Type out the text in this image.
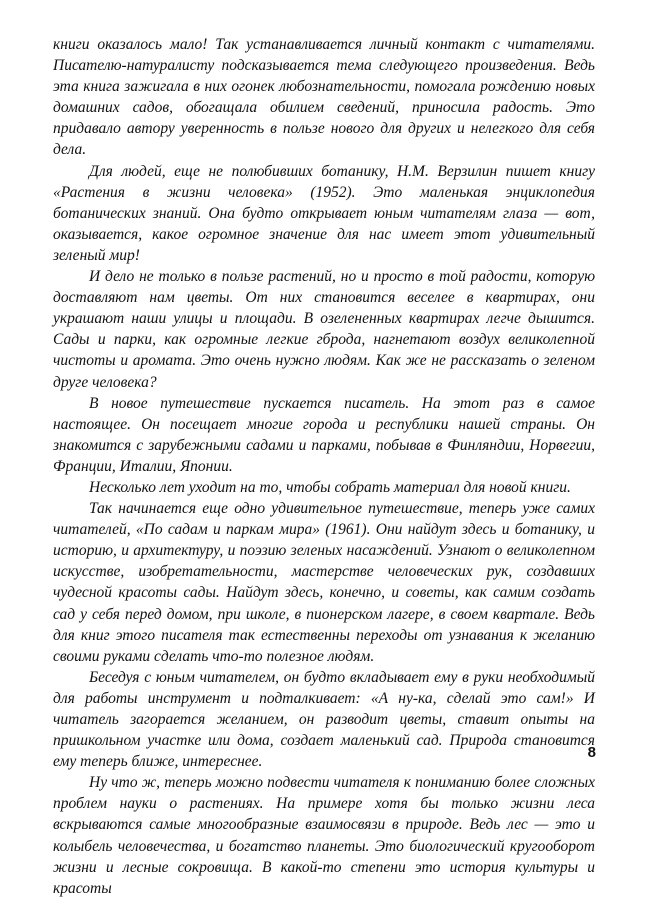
книги оказалось мало! Так устанавливается личный контакт с читателями. Писателю-натуралисту подсказывается тема следующего произведения. Ведь эта книга зажигала в них огонек любознательности, помогала рождению новых домашних садов, обогащала обилием сведений, приносила радость. Это придавало автору уверенность в пользе нового для других и нелегкого для себя дела.

Для людей, еще не полюбивших ботанику, Н.М. Верзилин пишет книгу «Растения в жизни человека» (1952). Это маленькая энциклопедия ботанических знаний. Она будто открывает юным читателям глаза — вот, оказывается, какое огромное значение для нас имеет этот удивительный зеленый мир!

И дело не только в пользе растений, но и просто в той радости, которую доставляют нам цветы. От них становится веселее в квартирах, они украшают наши улицы и площади. В озелененных квартирах легче дышится. Сады и парки, как огромные легкие гброда, нагнетают воздух великолепной чистоты и аромата. Это очень нужно людям. Как же не рассказать о зеленом друге человека?

В новое путешествие пускается писатель. На этот раз в самое настоящее. Он посещает многие города и республики нашей страны. Он знакомится с зарубежными садами и парками, побывав в Финляндии, Норвегии, Франции, Италии, Японии.

Несколько лет уходит на то, чтобы собрать материал для новой книги.

Так начинается еще одно удивительное путешествие, теперь уже самих читателей, «По садам и паркам мира» (1961). Они найдут здесь и ботанику, и историю, и архитектуру, и поэзию зеленых насаждений. Узнают о великолепном искусстве, изобретательности, мастерстве человеческих рук, создавших чудесной красоты сады. Найдут здесь, конечно, и советы, как самим создать сад у себя перед домом, при школе, в пионерском лагере, в своем квартале. Ведь для книг этого писателя так естественны переходы от узнавания к желанию своими руками сделать что-то полезное людям.

Беседуя с юным читателем, он будто вкладывает ему в руки необходимый для работы инструмент и подталкивает: «А ну-ка, сделай это сам!» И читатель загорается желанием, он разводит цветы, ставит опыты на пришкольном участке или дома, создает маленький сад. Природа становится ему теперь ближе, интереснее.

Ну что ж, теперь можно подвести читателя к пониманию более сложных проблем науки о растениях. На примере хотя бы только жизни леса вскрываются самые многообразные взаимосвязи в природе. Ведь лес — это и колыбель человечества, и богатство планеты. Это биологический кругооборот жизни и лесные сокровища. В какой-то степени это история культуры и красоты

8
